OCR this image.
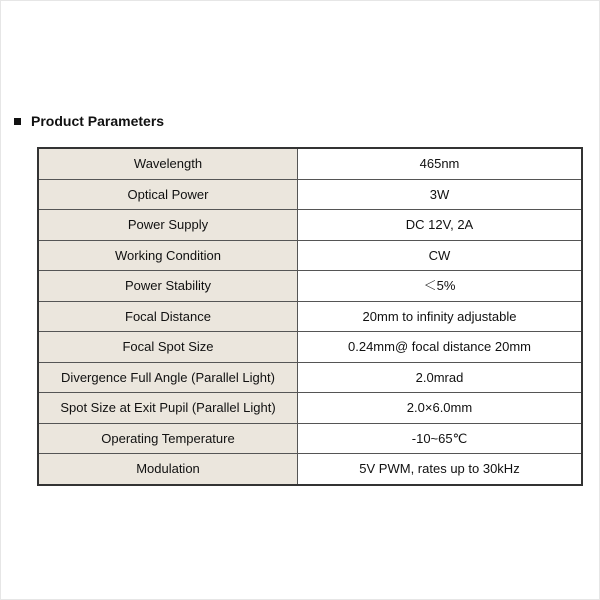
Product Parameters
Wavelength	465nm
Optical Power	3W
Power Supply	DC 12V, 2A
Working Condition	CW
Power Stability	＜5%
Focal Distance	20mm to infinity adjustable
Focal Spot Size	0.24mm@ focal distance 20mm
Divergence Full Angle (Parallel Light)	2.0mrad
Spot Size at Exit Pupil (Parallel Light)	2.0×6.0mm
Operating Temperature	-10~65℃
Modulation	5V PWM, rates up to 30kHz
